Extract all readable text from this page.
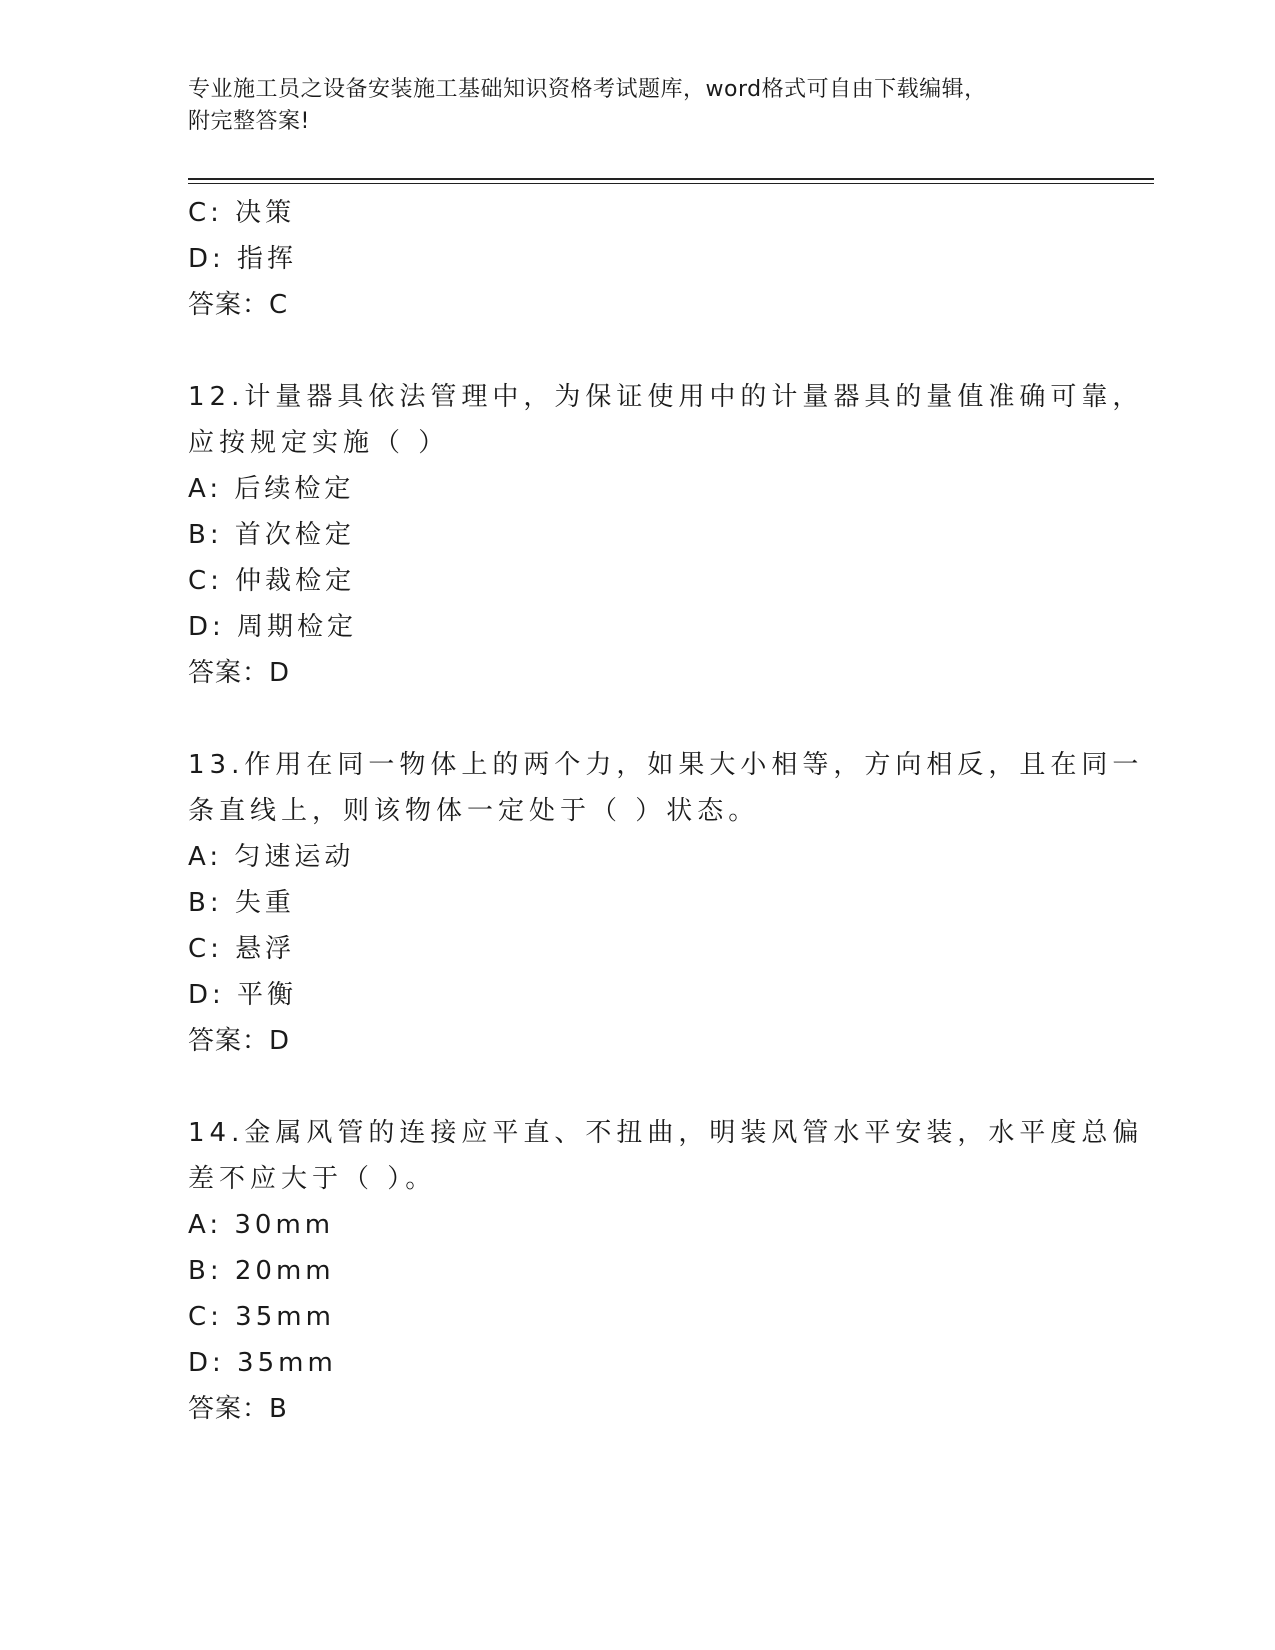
专业施工员之设备安装施工基础知识资格考试题库，word格式可自由下载编辑，
附完整答案!
C: 决策
D: 指挥
答案：C
12.计量器具依法管理中，为保证使用中的计量器具的量值准确可靠，
应按规定实施（ ）
A: 后续检定
B: 首次检定
C: 仲裁检定
D: 周期检定
答案：D
13.作用在同一物体上的两个力，如果大小相等，方向相反，且在同一
条直线上，则该物体一定处于（ ）状态。
A: 匀速运动
B: 失重
C: 悬浮
D: 平衡
答案：D
14.金属风管的连接应平直、不扭曲，明装风管水平安装，水平度总偏
差不应大于（ ）。
A: 30mm
B: 20mm
C: 35mm
D: 35mm
答案：B
